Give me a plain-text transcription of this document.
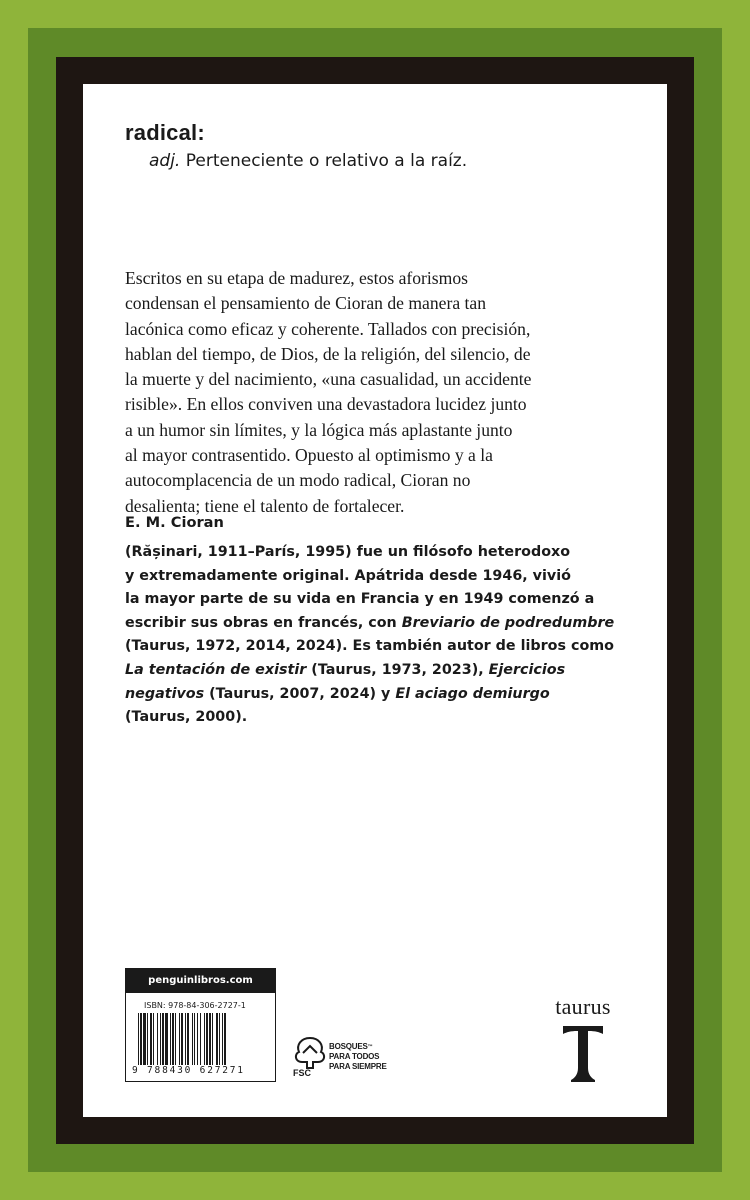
radical:
adj. Perteneciente o relativo a la raíz.
Escritos en su etapa de madurez, estos aforismos
condensan el pensamiento de Cioran de manera tan
lacónica como eficaz y coherente. Tallados con precisión,
hablan del tiempo, de Dios, de la religión, del silencio, de
la muerte y del nacimiento, «una casualidad, un accidente
risible». En ellos conviven una devastadora lucidez junto
a un humor sin límites, y la lógica más aplastante junto
al mayor contrasentido. Opuesto al optimismo y a la
autocomplacencia de un modo radical, Cioran no
desalienta; tiene el talento de fortalecer.
E. M. Cioran
(Rășinari, 1911–París, 1995) fue un filósofo heterodoxo
y extremadamente original. Apátrida desde 1946, vivió
la mayor parte de su vida en Francia y en 1949 comenzó a
escribir sus obras en francés, con Breviario de podredumbre
(Taurus, 1972, 2014, 2024). Es también autor de libros como
La tentación de existir (Taurus, 1973, 2023), Ejercicios
negativos (Taurus, 2007, 2024) y El aciago demiurgo
(Taurus, 2000).
penguinlibros.com
ISBN: 978-84-306-2727-1
9 788430 627271	FSC
BOSQUES™
PARA TODOS
PARA SIEMPRE
taurus
